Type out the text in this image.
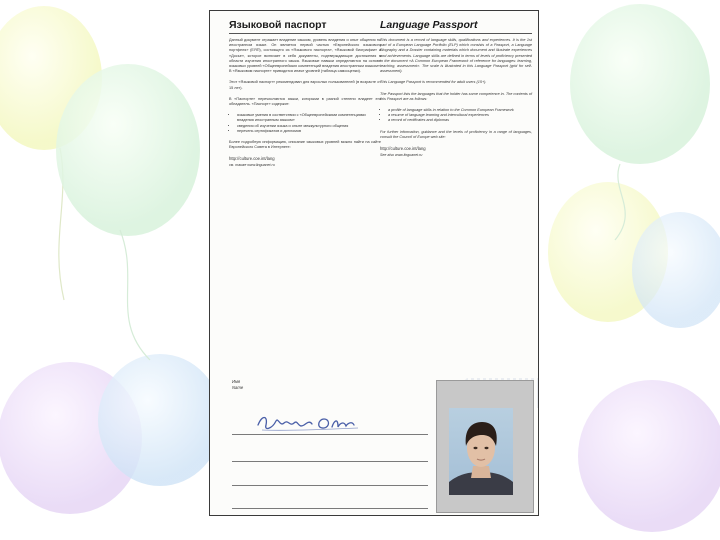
Языковой паспорт

Данный документ отражает владение языком, уровень владения и опыт общения на иностранном языке. Он является первой частью «Европейского языкового портфеля» (ЕЯП), состоящего из «Языкового паспорта», «Языковой биографии» и «Досье», которое включает в себя документы, подтверждающие достижения в области изучения иностранного языка. Языковые навыки определяются на основе языковых уровней «Общеевропейских компетенций владения иностранным языком». В «Языковом паспорте» приводится иначе уровней (таблица самооценки).

Этот «Языковой паспорт» рекомендован для взрослых пользователей (в возрасте от 15 лет).

В «Паспорте» перечисляются языки, которыми в разной степени владеет его обладатель. «Паспорт» содержит:

• языковые умения в соответствии с «Общеевропейскими компетенциями владения иностранным языком»
• сведения об изучении языка и опыте межкультурного общения
• перечень сертификатов и дипломов

Более подробную информацию, описание языковых уровней можно найти на сайте Европейского Совета в Интернете:

http://culture.coe.int/lang

см. также www.linguanet.ru

Language Passport

This document is a record of language skills, qualifications and experiences. It is the 1st part of a European Language Portfolio (ELP) which consists of a Passport, a Language Biography and a Dossier containing materials which document and illustrate experiences and achievements. Language skills are defined in terms of levels of proficiency presented in the document «A Common European Framework of reference for languages: learning, teaching, assessment». The scale is illustrated in this Language Passport (grid for self-assessment).

This Language Passport is recommended for adult users (15+).

The Passport lists the languages that the holder has some competence in. The contents of this Passport are as follows:

• a profile of language skills in relation to the Common European Framework
• a resume of language learning and intercultural experiences
• a record of certificates and diplomas

For further information, guidance and the levels of proficiency in a range of languages, consult the Council of Europe web site:

http://culture.coe.int/lang

See also www.linguanet.ru

Имя
Name
